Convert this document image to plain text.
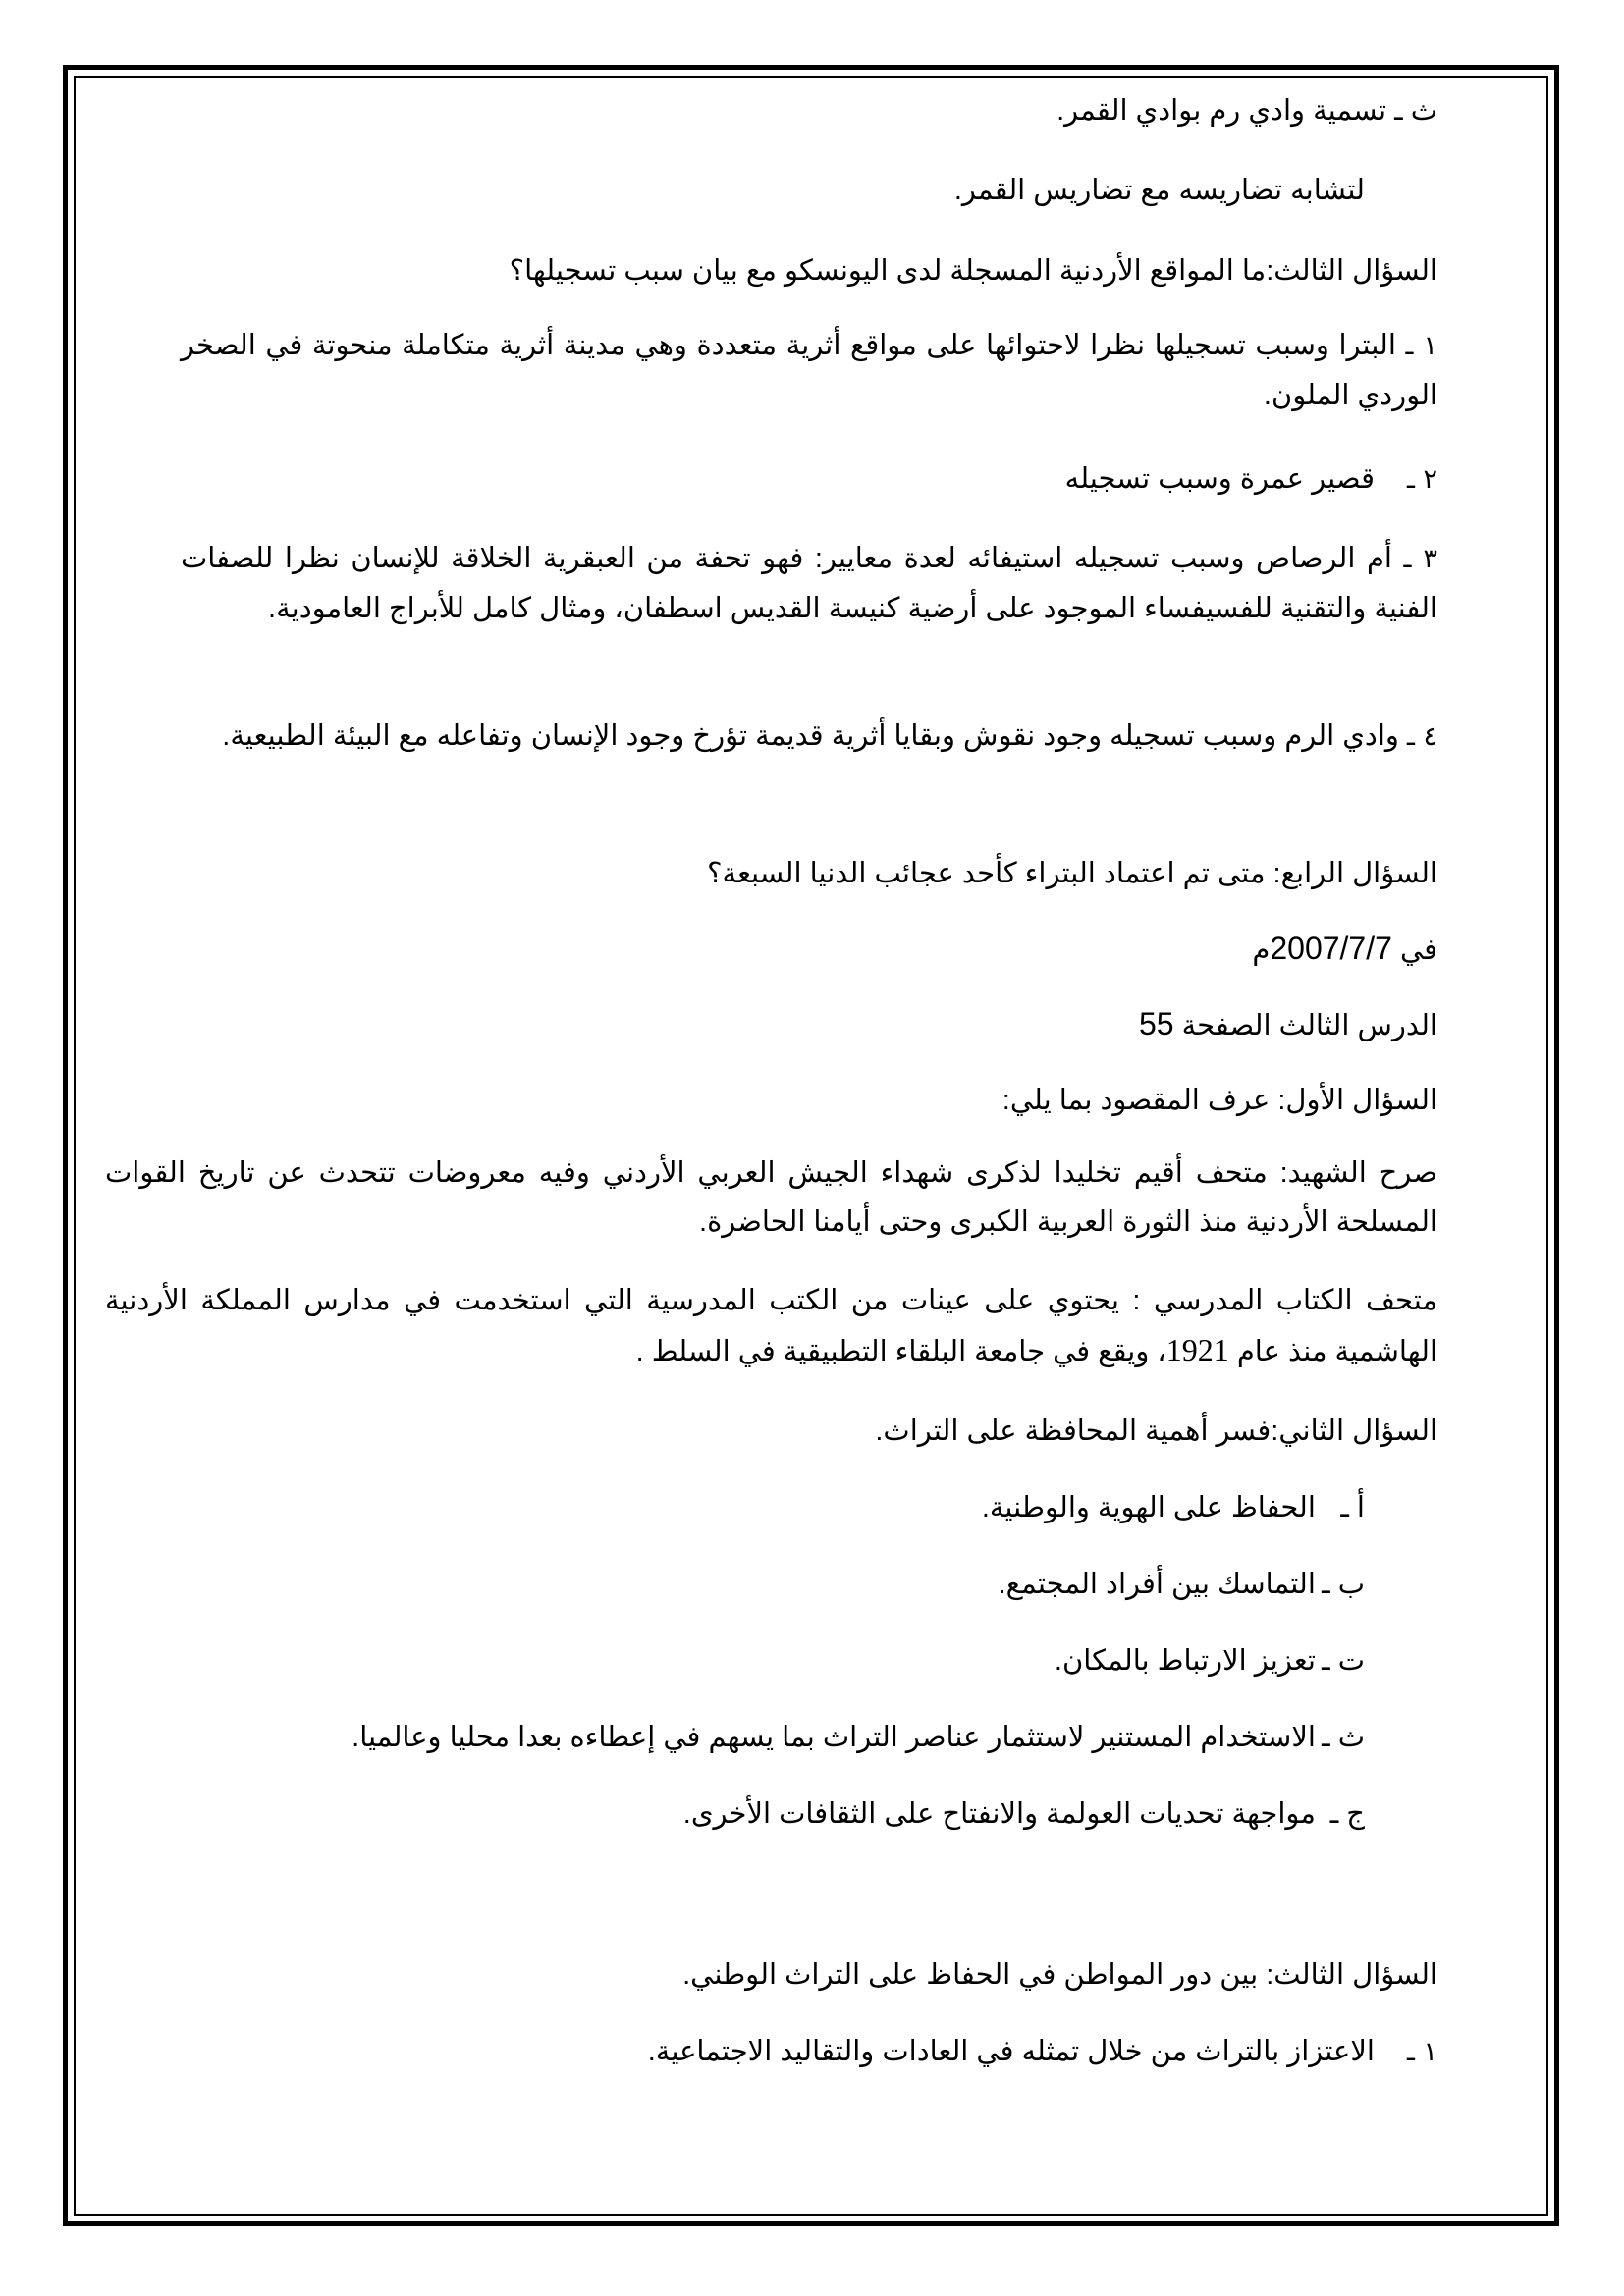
ث ـ تسمية وادي رم بوادي القمر.
لتشابه تضاريسه مع تضاريس القمر.
السؤال الثالث:ما المواقع الأردنية المسجلة لدى اليونسكو مع بيان سبب تسجيلها؟
١ ـ البترا وسبب تسجيلها نظرا لاحتوائها على مواقع أثرية متعددة وهي مدينة أثرية متكاملة منحوتة في الصخر الوردي الملون.
٢ ـ قصير عمرة وسبب تسجيله
٣ ـ أم الرصاص وسبب تسجيله استيفائه لعدة معايير: فهو تحفة من العبقرية الخلاقة للإنسان نظرا للصفات الفنية والتقنية للفسيفساء الموجود على أرضية كنيسة القديس اسطفان، ومثال كامل للأبراج العامودية.
٤ ـ وادي الرم وسبب تسجيله وجود نقوش وبقايا أثرية قديمة تؤرخ وجود الإنسان وتفاعله مع البيئة الطبيعية.
السؤال الرابع: متى تم اعتماد البتراء كأحد عجائب الدنيا السبعة؟
في 2007/7/7م
الدرس الثالث الصفحة 55
السؤال الأول: عرف المقصود بما يلي:
صرح الشهيد: متحف أقيم تخليدا لذكرى شهداء الجيش العربي الأردني وفيه معروضات تتحدث عن تاريخ القوات المسلحة الأردنية منذ الثورة العربية الكبرى وحتى أيامنا الحاضرة.
متحف الكتاب المدرسي : يحتوي على عينات من الكتب المدرسية التي استخدمت في مدارس المملكة الأردنية الهاشمية منذ عام 1921، ويقع في جامعة البلقاء التطبيقية في السلط .
السؤال الثاني:فسر أهمية المحافظة على التراث.
أ ـ الحفاظ على الهوية والوطنية.
ب ـ التماسك بين أفراد المجتمع.
ت ـ تعزيز الارتباط بالمكان.
ث ـ الاستخدام المستنير لاستثمار عناصر التراث بما يسهم في إعطاءه بعدا محليا وعالميا.
ج ـ مواجهة تحديات العولمة والانفتاح على الثقافات الأخرى.
السؤال الثالث: بين دور المواطن في الحفاظ على التراث الوطني.
١ ـ الاعتزاز بالتراث من خلال تمثله في العادات والتقاليد الاجتماعية.
